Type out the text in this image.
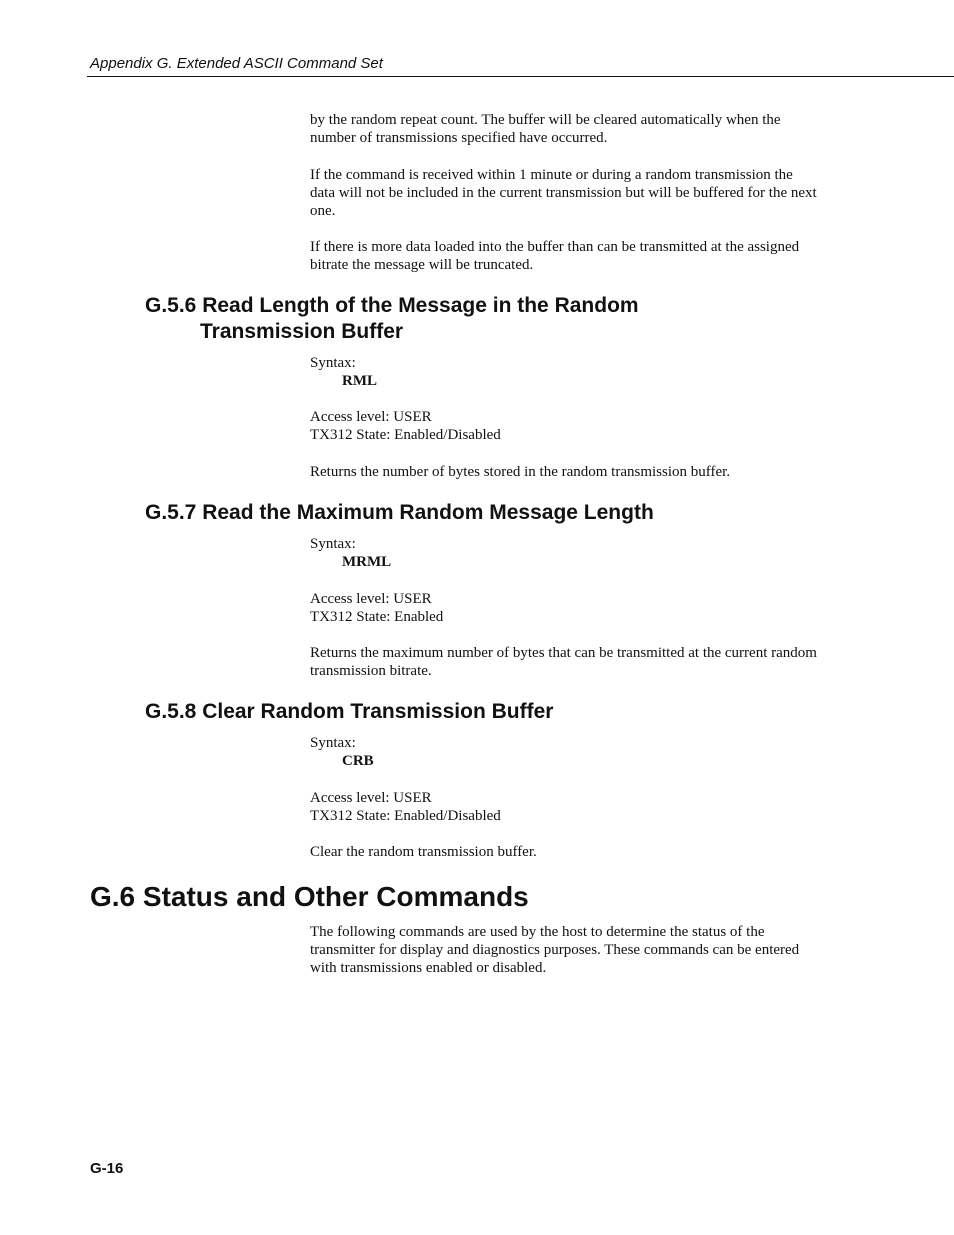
Appendix G. Extended ASCII Command Set

by the random repeat count. The buffer will be cleared automatically when the number of transmissions specified have occurred.

If the command is received within 1 minute or during a random transmission the data will not be included in the current transmission but will be buffered for the next one.

If there is more data loaded into the buffer than can be transmitted at the assigned bitrate the message will be truncated.

G.5.6 Read Length of the Message in the Random
Transmission Buffer
Syntax:
RML
Access level: USER
TX312 State: Enabled/Disabled

Returns the number of bytes stored in the random transmission buffer.

G.5.7 Read the Maximum Random Message Length
Syntax:
MRML
Access level: USER
TX312 State: Enabled

Returns the maximum number of bytes that can be transmitted at the current random transmission bitrate.

G.5.8 Clear Random Transmission Buffer
Syntax:
CRB
Access level: USER
TX312 State: Enabled/Disabled

Clear the random transmission buffer.

G.6 Status and Other Commands

The following commands are used by the host to determine the status of the transmitter for display and diagnostics purposes. These commands can be entered with transmissions enabled or disabled.

G-16
